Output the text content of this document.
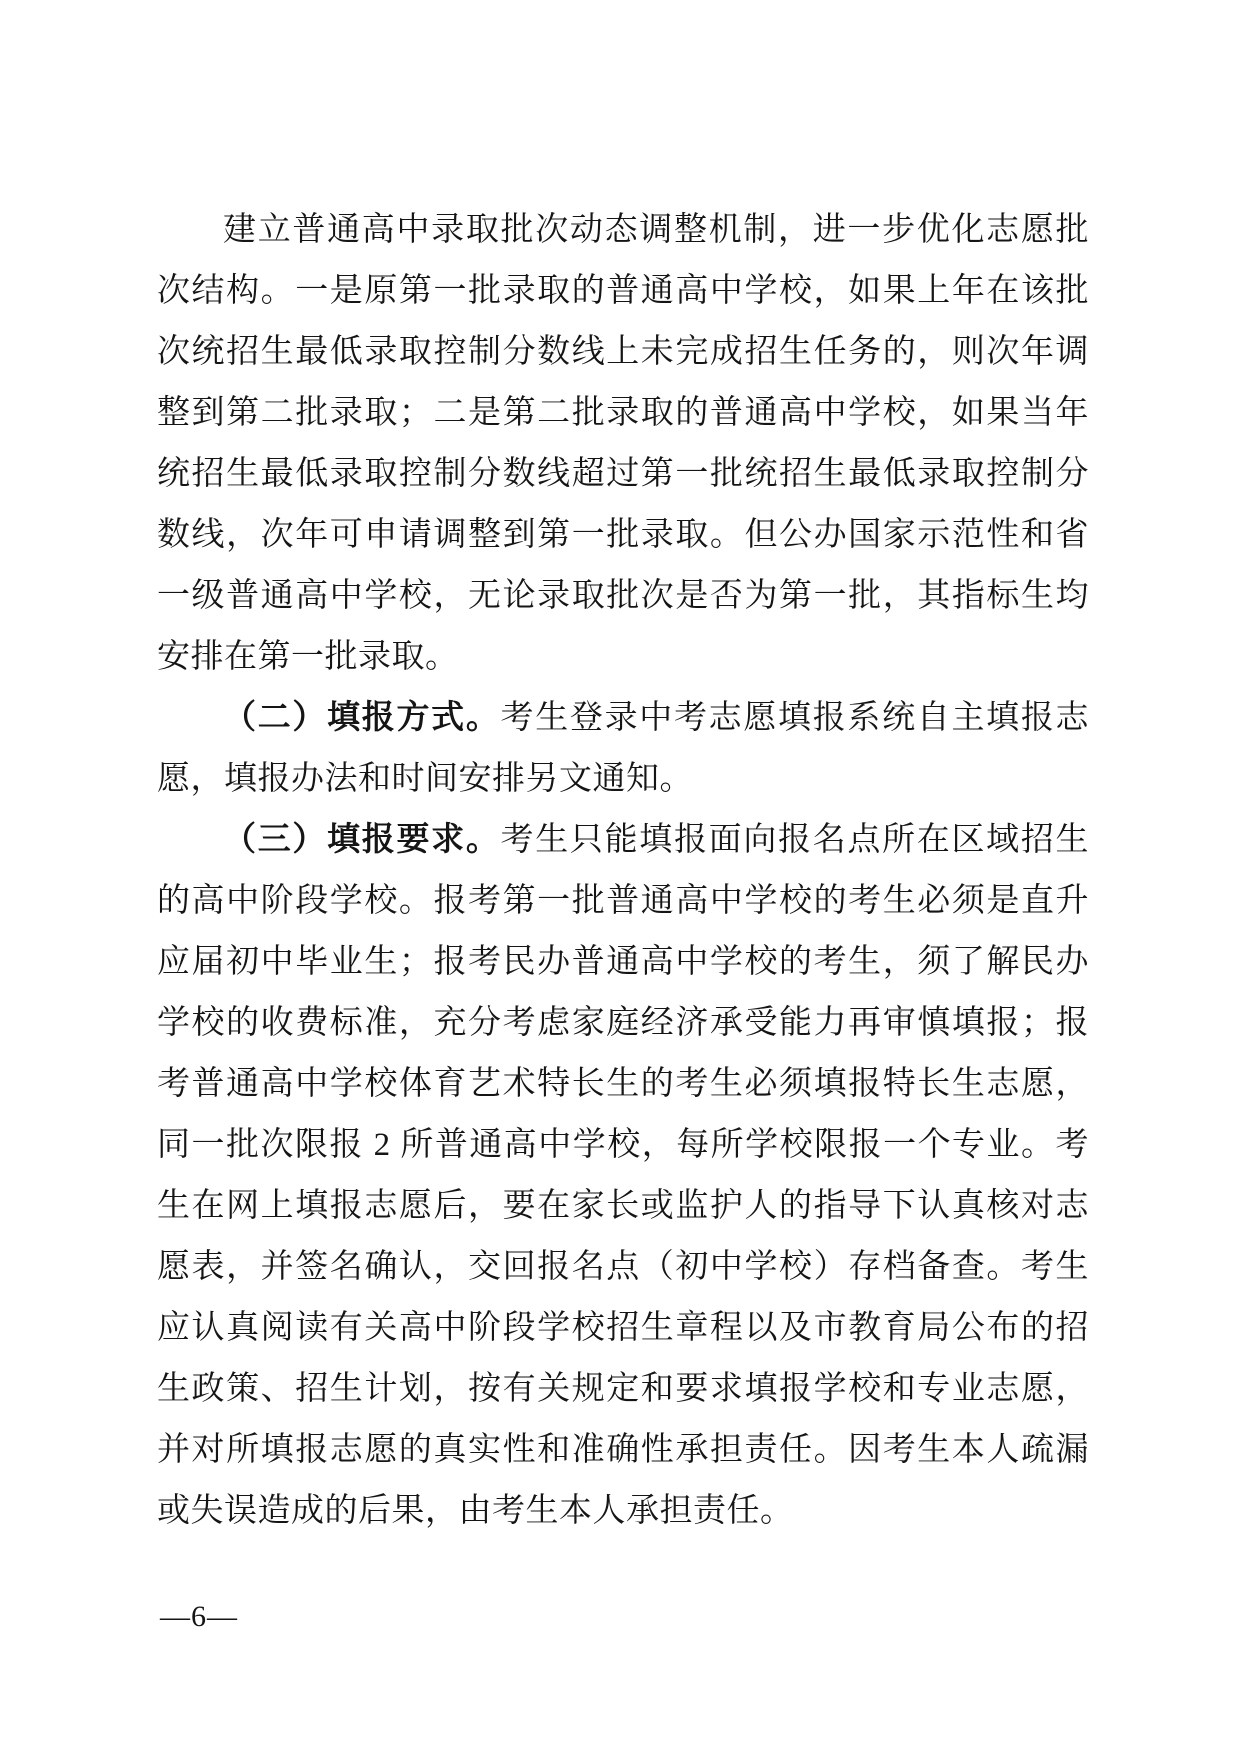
建立普通高中录取批次动态调整机制，进一步优化志愿批次结构。一是原第一批录取的普通高中学校，如果上年在该批次统招生最低录取控制分数线上未完成招生任务的，则次年调整到第二批录取；二是第二批录取的普通高中学校，如果当年统招生最低录取控制分数线超过第一批统招生最低录取控制分数线，次年可申请调整到第一批录取。但公办国家示范性和省一级普通高中学校，无论录取批次是否为第一批，其指标生均安排在第一批录取。

（二）填报方式。考生登录中考志愿填报系统自主填报志愿，填报办法和时间安排另文通知。

（三）填报要求。考生只能填报面向报名点所在区域招生的高中阶段学校。报考第一批普通高中学校的考生必须是直升应届初中毕业生；报考民办普通高中学校的考生，须了解民办学校的收费标准，充分考虑家庭经济承受能力再审慎填报；报考普通高中学校体育艺术特长生的考生必须填报特长生志愿，同一批次限报 2 所普通高中学校，每所学校限报一个专业。考生在网上填报志愿后，要在家长或监护人的指导下认真核对志愿表，并签名确认，交回报名点（初中学校）存档备查。考生应认真阅读有关高中阶段学校招生章程以及市教育局公布的招生政策、招生计划，按有关规定和要求填报学校和专业志愿，并对所填报志愿的真实性和准确性承担责任。因考生本人疏漏或失误造成的后果，由考生本人承担责任。

—6—
